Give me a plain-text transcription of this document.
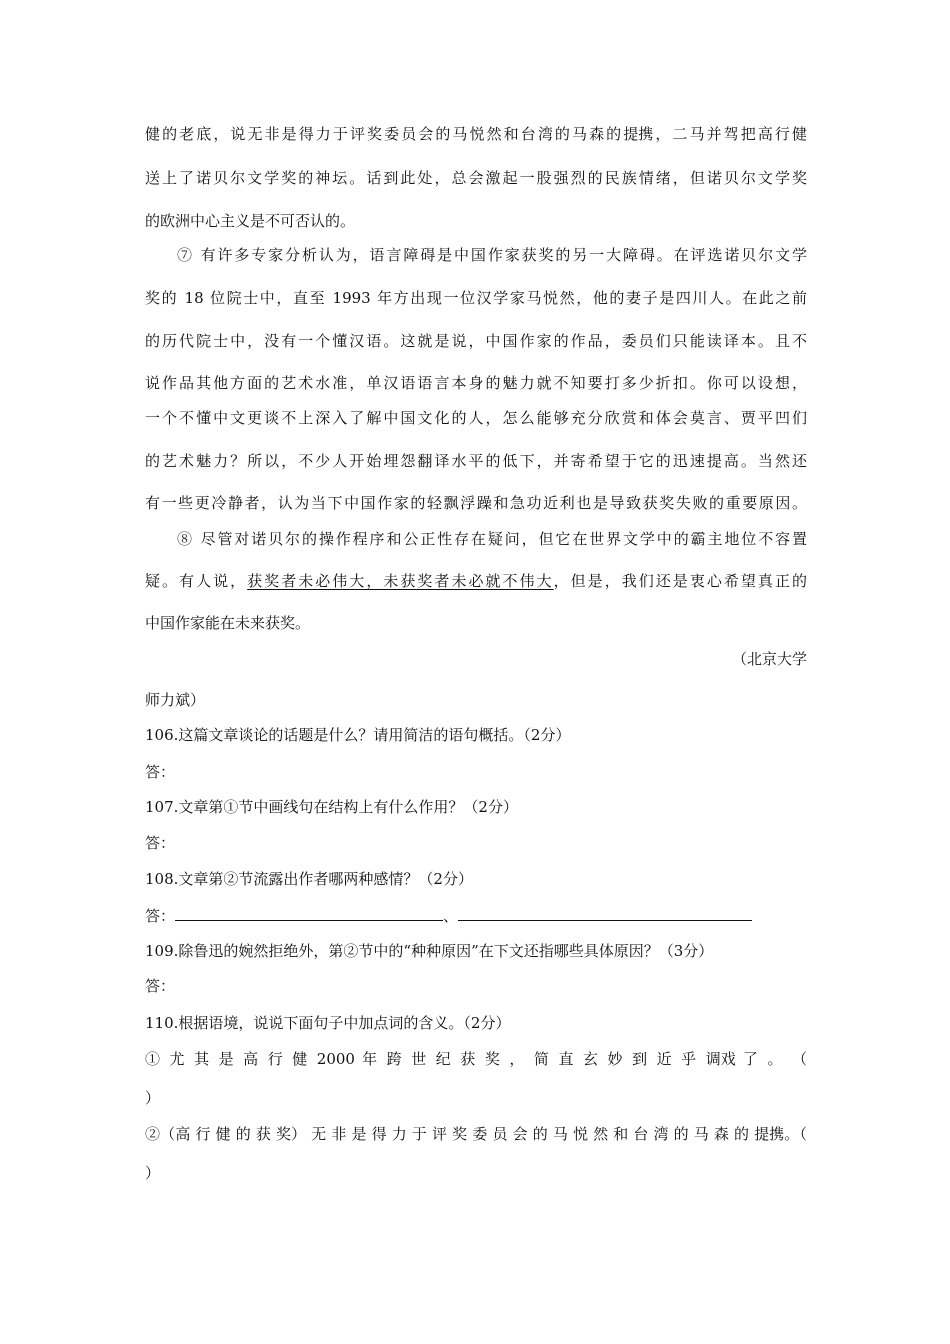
健的老底，说无非是得力于评奖委员会的马悦然和台湾的马森的提携，二马并驾把高行健
送上了诺贝尔文学奖的神坛。话到此处，总会激起一股强烈的民族情绪，但诺贝尔文学奖
的欧洲中心主义是不可否认的。
⑦ 有许多专家分析认为，语言障碍是中国作家获奖的另一大障碍。在评选诺贝尔文学
奖的 18 位院士中，直至 1993 年方出现一位汉学家马悦然，他的妻子是四川人。在此之前
的历代院士中，没有一个懂汉语。这就是说，中国作家的作品，委员们只能读译本。且不
说作品其他方面的艺术水准，单汉语语言本身的魅力就不知要打多少折扣。你可以设想，
一个不懂中文更谈不上深入了解中国文化的人，怎么能够充分欣赏和体会莫言、贾平凹们
的艺术魅力？所以，不少人开始埋怨翻译水平的低下，并寄希望于它的迅速提高。当然还
有一些更冷静者，认为当下中国作家的轻飘浮躁和急功近利也是导致获奖失败的重要原因。
⑧ 尽管对诺贝尔的操作程序和公正性存在疑问，但它在世界文学中的霸主地位不容置
疑。有人说，获奖者未必伟大，未获奖者未必就不伟大，但是，我们还是衷心希望真正的
中国作家能在未来获奖。
（北京大学
师力斌）
106.这篇文章谈论的话题是什么？请用简洁的语句概括。（2分）
答：
107.文章第①节中画线句在结构上有什么作用？（2分）
答：
108.文章第②节流露出作者哪两种感情？（2分）
答：	、
109.除鲁迅的婉然拒绝外，第②节中的“种种原因”在下文还指哪些具体原因？（3分）
答：
110.根据语境，说说下面句子中加点词的含义。（2分）
① 尤 其 是 高 行 健 2000 年 跨 世 纪 获 奖 ， 简 直 玄 妙 到 近 乎 调戏 了 。 （
）
②（高 行 健 的 获 奖） 无 非 是 得 力 于 评 奖 委 员 会 的 马 悦 然 和 台 湾 的 马 森 的 提携。（
）
